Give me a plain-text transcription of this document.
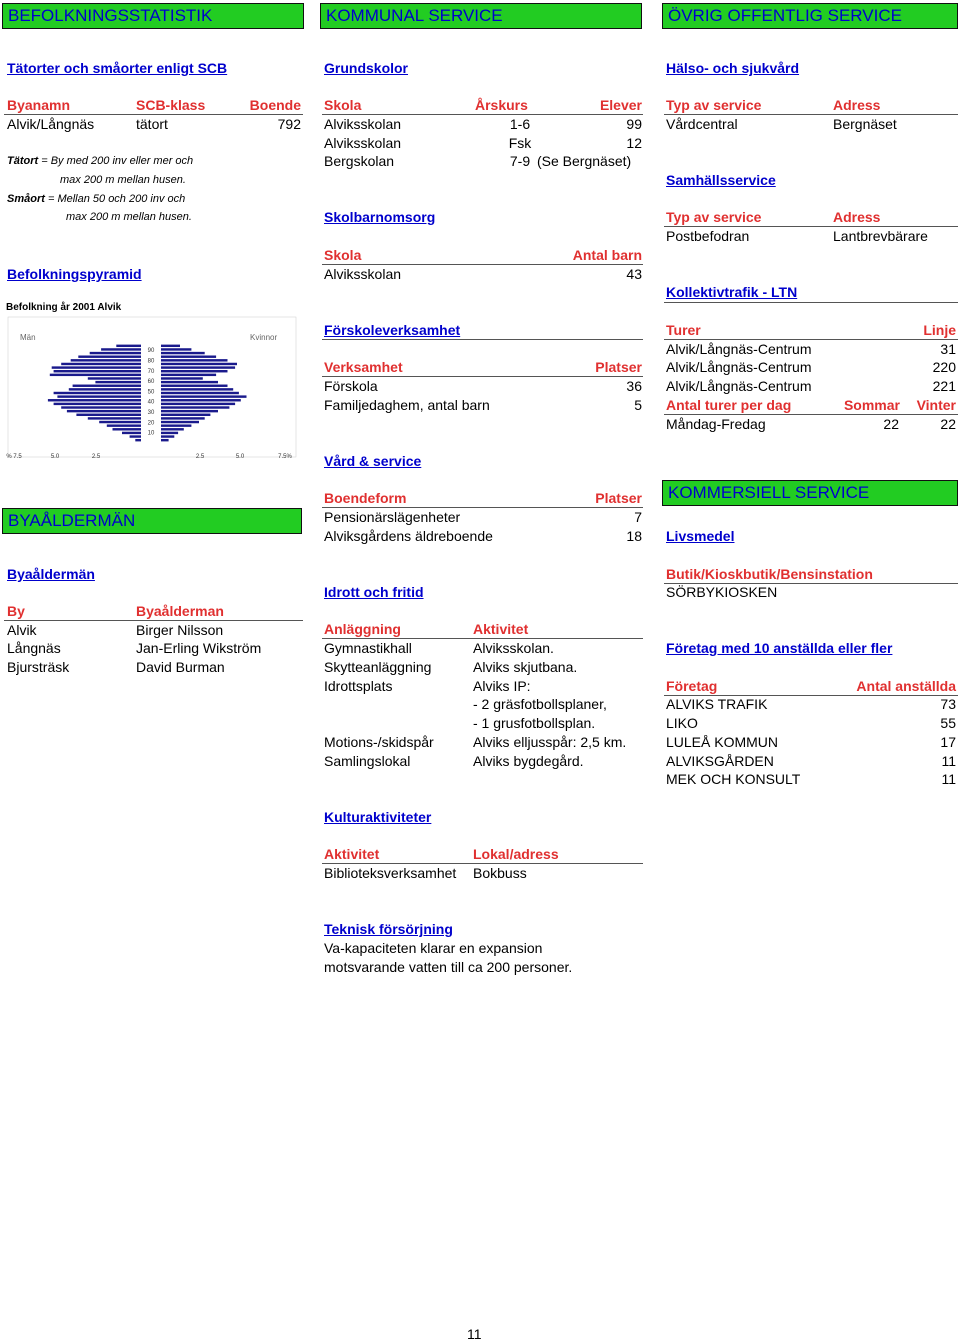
BEFOLKNINGSSTATISTIK	KOMMUNAL SERVICE	ÖVRIG OFFENTLIG SERVICE
Tätorter och småorter enligt SCB
Byanamn	SCB-klass	Boende
Alvik/Långnäs	tätort	792
Tätort = By med 200 inv eller mer och
max 200 m mellan husen.
Småort = Mellan 50 och 200 inv och
max 200 m mellan husen.
Befolkningspyramid
Befolkning år 2001 Alvik
Män	Kvinnor
90
80
70
60
50
40
30
20
10
% 7.5	5.0	2.5	2.5	5.0	7.5%
BYAÅLDERMÄN
Byaåldermän
By	Byaålderman
Alvik	Birger Nilsson
Långnäs	Jan-Erling Wikström
Bjursträsk	David Burman
Grundskolor
Skola	Årskurs	Elever
Alviksskolan	1-6	99
Alviksskolan	Fsk	12
Bergskolan	7-9 (Se Bergnäset)
Skolbarnomsorg
Skola	Antal barn
Alviksskolan	43
Förskoleverksamhet
Verksamhet	Platser
Förskola	36
Familjedaghem, antal barn	5
Vård & service
Boendeform	Platser
Pensionärslägenheter	7
Alviksgårdens äldreboende	18
Idrott och fritid
Anläggning	Aktivitet
Gymnastikhall	Alviksskolan.
Skytteanläggning	Alviks skjutbana.
Idrottsplats	Alviks IP:
- 2 gräsfotbollsplaner,
- 1 grusfotbollsplan.
Motions-/skidspår	Alviks elljusspår: 2,5 km.
Samlingslokal	Alviks bygdegård.
Kulturaktiviteter
Aktivitet	Lokal/adress
Biblioteksverksamhet Bokbuss
Teknisk försörjning
Va-kapaciteten klarar en expansion
motsvarande vatten till ca 200 personer.
Hälso- och sjukvård
Typ av service	Adress
Vårdcentral	Bergnäset
Samhällsservice
Typ av service	Adress
Postbefodran	Lantbrevbärare
Kollektivtrafik - LTN
Turer	Linje
Alvik/Långnäs-Centrum	31
Alvik/Långnäs-Centrum	220
Alvik/Långnäs-Centrum	221
Antal turer per dag	Sommar	Vinter
Måndag-Fredag	22	22
KOMMERSIELL SERVICE
Livsmedel
Butik/Kioskbutik/Bensinstation
SÖRBYKIOSKEN
Företag med 10 anställda eller fler
Företag	Antal anställda
ALVIKS TRAFIK	73
LIKO	55
LULEÅ KOMMUN	17
ALVIKSGÅRDEN	11
MEK OCH KONSULT	11
11
